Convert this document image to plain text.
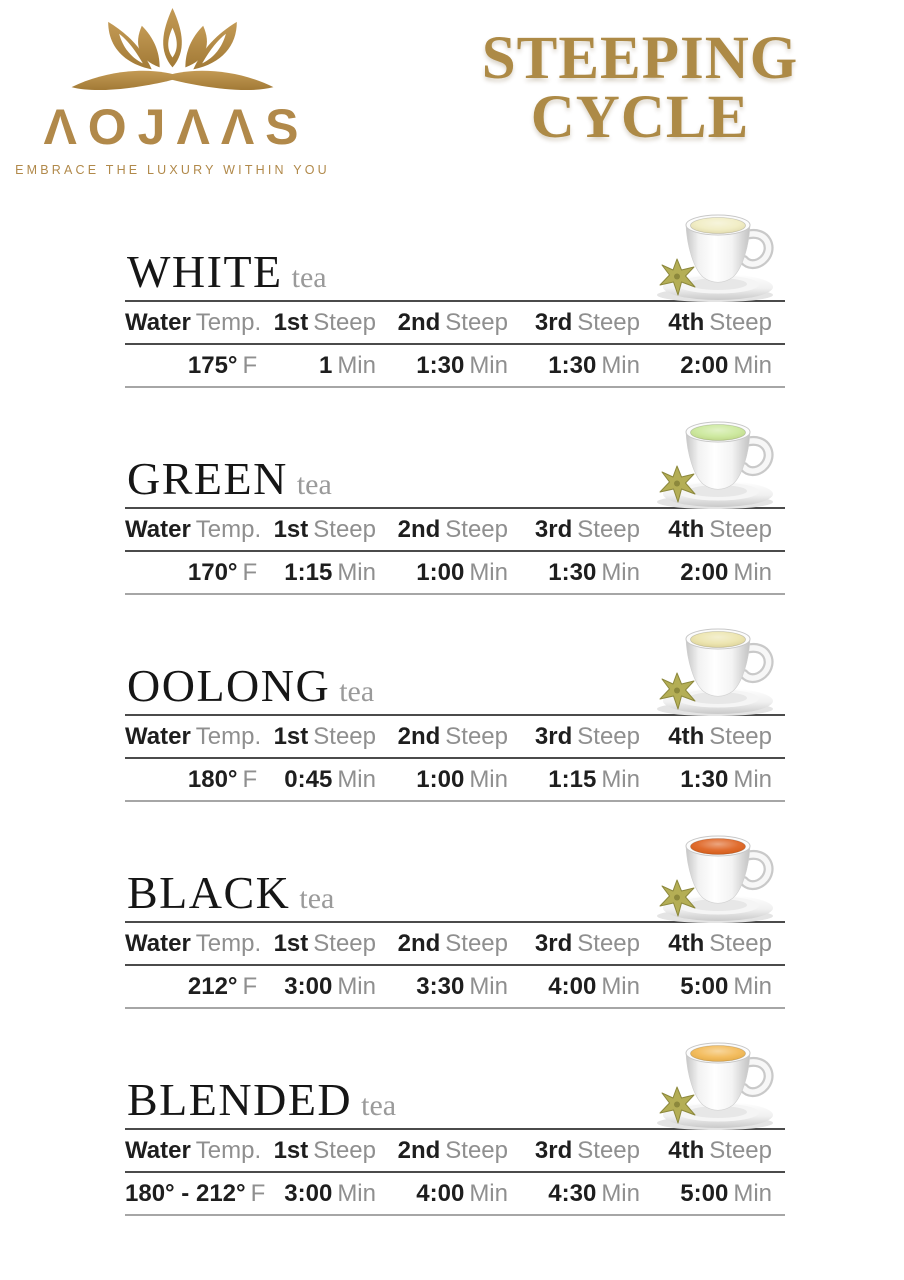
ΛOJΛΛS
EMBRACE THE LUXURY WITHIN YOU
STEEPING
CYCLE
WHITE tea
Water Temp.	1st Steep	2nd Steep	3rd Steep	4th Steep
175° F	1 Min	1:30 Min	1:30 Min	2:00 Min
GREEN tea
Water Temp.	1st Steep	2nd Steep	3rd Steep	4th Steep
170° F	1:15 Min	1:00 Min	1:30 Min	2:00 Min
OOLONG tea
Water Temp.	1st Steep	2nd Steep	3rd Steep	4th Steep
180° F	0:45 Min	1:00 Min	1:15 Min	1:30 Min
BLACK tea
Water Temp.	1st Steep	2nd Steep	3rd Steep	4th Steep
212° F	3:00 Min	3:30 Min	4:00 Min	5:00 Min
BLENDED tea
Water Temp.	1st Steep	2nd Steep	3rd Steep	4th Steep
180° - 212° F	3:00 Min	4:00 Min	4:30 Min	5:00 Min
